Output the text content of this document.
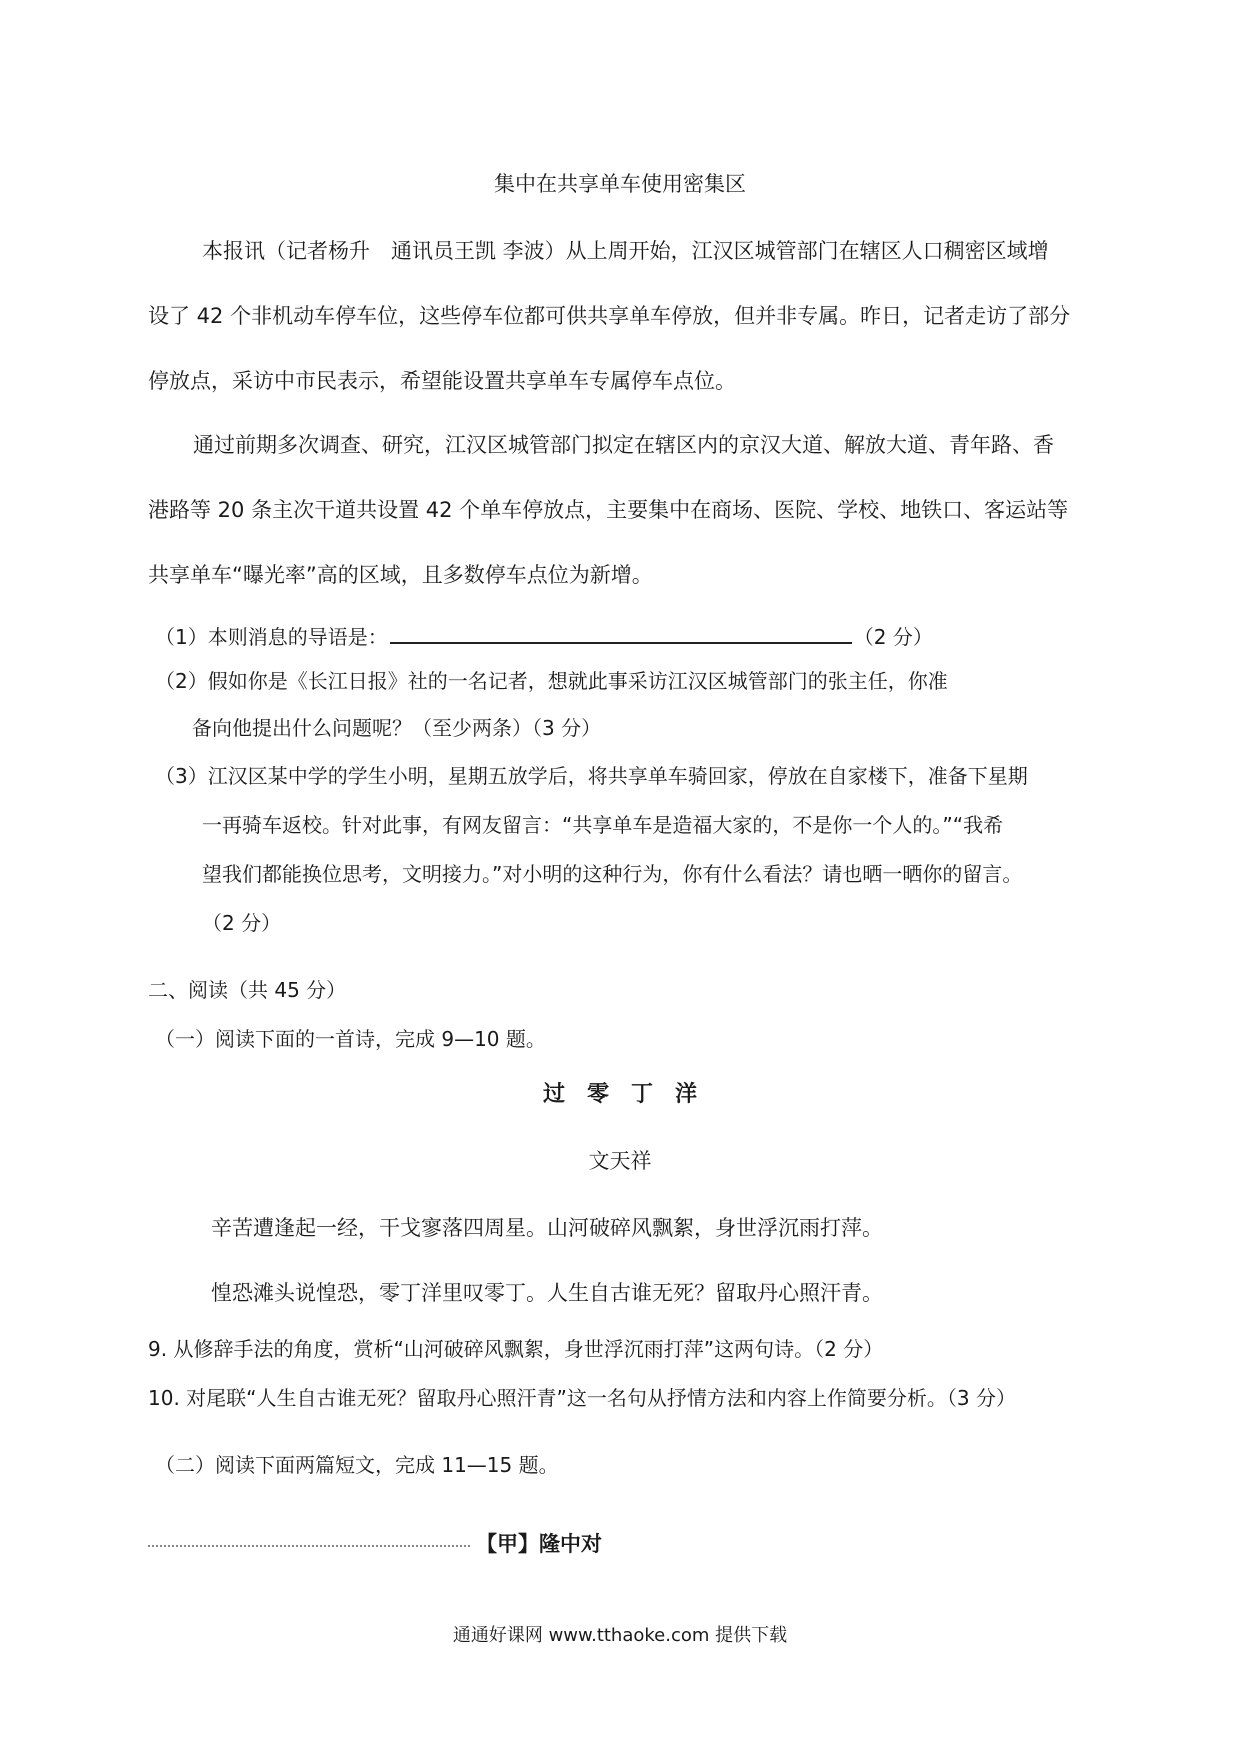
集中在共享单车使用密集区
本报讯（记者杨升　通讯员王凯 李波）从上周开始，江汉区城管部门在辖区人口稠密区域增
设了 42 个非机动车停车位，这些停车位都可供共享单车停放，但并非专属。昨日，记者走访了部分
停放点，采访中市民表示，希望能设置共享单车专属停车点位。
通过前期多次调查、研究，江汉区城管部门拟定在辖区内的京汉大道、解放大道、青年路、香
港路等 20 条主次干道共设置 42 个单车停放点，主要集中在商场、医院、学校、地铁口、客运站等
共享单车“曝光率”高的区域，且多数停车点位为新增。
（1）本则消息的导语是：	（2 分）
（2）假如你是《长江日报》社的一名记者，想就此事采访江汉区城管部门的张主任，你准
备向他提出什么问题呢？（至少两条）（3 分）
（3）江汉区某中学的学生小明，星期五放学后，将共享单车骑回家，停放在自家楼下，准备下星期
一再骑车返校。针对此事，有网友留言：“共享单车是造福大家的，不是你一个人的。”“我希
望我们都能换位思考，文明接力。”对小明的这种行为，你有什么看法？请也晒一晒你的留言。
（2 分）
二、阅读（共 45 分）
（一）阅读下面的一首诗，完成 9—10 题。
过　零　丁　洋
文天祥
辛苦遭逢起一经，干戈寥落四周星。山河破碎风飘絮，身世浮沉雨打萍。
惶恐滩头说惶恐，零丁洋里叹零丁。人生自古谁无死？留取丹心照汗青。
9. 从修辞手法的角度，赏析“山河破碎风飘絮，身世浮沉雨打萍”这两句诗。（2 分）
10. 对尾联“人生自古谁无死？留取丹心照汗青”这一名句从抒情方法和内容上作简要分析。（3 分）
（二）阅读下面两篇短文，完成 11—15 题。
【甲】隆中对
通通好课网 www.tthaoke.com 提供下载
